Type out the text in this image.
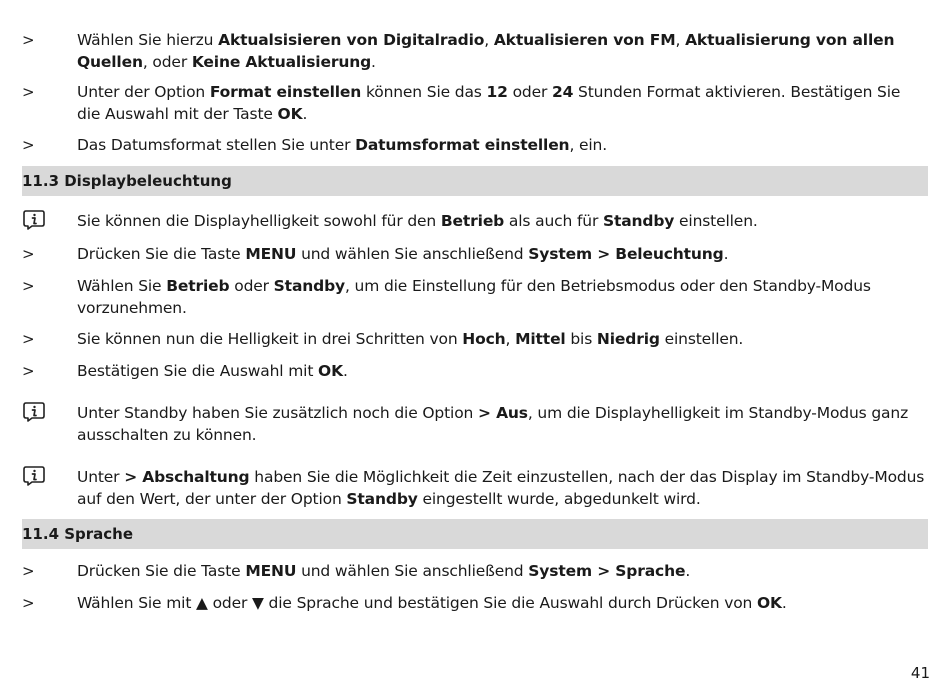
>	Wählen Sie hierzu Aktualsisieren von Digitalradio, Aktualisieren von FM, Aktualisierung von allen Quellen, oder Keine Aktualisierung.
>	Unter der Option Format einstellen können Sie das 12 oder 24 Stunden Format aktivieren. Bestätigen Sie die Auswahl mit der Taste OK.
>	Das Datumsformat stellen Sie unter Datumsformat einstellen, ein.
11.3 Displaybeleuchtung
Sie können die Displayhelligkeit sowohl für den Betrieb als auch für Standby einstellen.
>	Drücken Sie die Taste MENU und wählen Sie anschließend System > Beleuchtung.
>	Wählen Sie Betrieb oder Standby, um die Einstellung für den Betriebsmodus oder den Standby-Modus vorzunehmen.
>	Sie können nun die Helligkeit in drei Schritten von Hoch, Mittel bis Niedrig einstellen.
>	Bestätigen Sie die Auswahl mit OK.
Unter Standby haben Sie zusätzlich noch die Option > Aus, um die Displayhelligkeit im Standby-Modus ganz ausschalten zu können.
Unter > Abschaltung haben Sie die Möglichkeit die Zeit einzustellen, nach der das Display im Standby-Modus auf den Wert, der unter der Option Standby eingestellt wurde, abgedunkelt wird.
11.4 Sprache
>	Drücken Sie die Taste MENU und wählen Sie anschließend System > Sprache.
>	Wählen Sie mit ▲ oder ▼ die Sprache und bestätigen Sie die Auswahl durch Drücken von OK.
41
